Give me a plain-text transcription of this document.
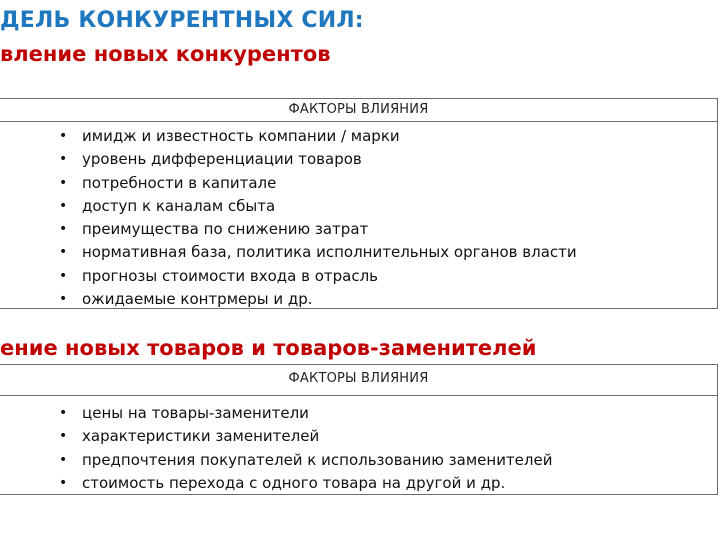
ДЕЛЬ КОНКУРЕНТНЫХ СИЛ:
вление новых конкурентов
ФАКТОРЫ ВЛИЯНИЯ
• имидж и известность компании / марки
• уровень дифференциации товаров
• потребности в капитале
• доступ к каналам сбыта
• преимущества по снижению затрат
• нормативная база, политика исполнительных органов власти
• прогнозы стоимости входа в отрасль
• ожидаемые контрмеры и др.
ение новых товаров и товаров-заменителей
ФАКТОРЫ ВЛИЯНИЯ
• цены на товары-заменители
• характеристики заменителей
• предпочтения покупателей к использованию заменителей
• стоимость перехода с одного товара на другой и др.
